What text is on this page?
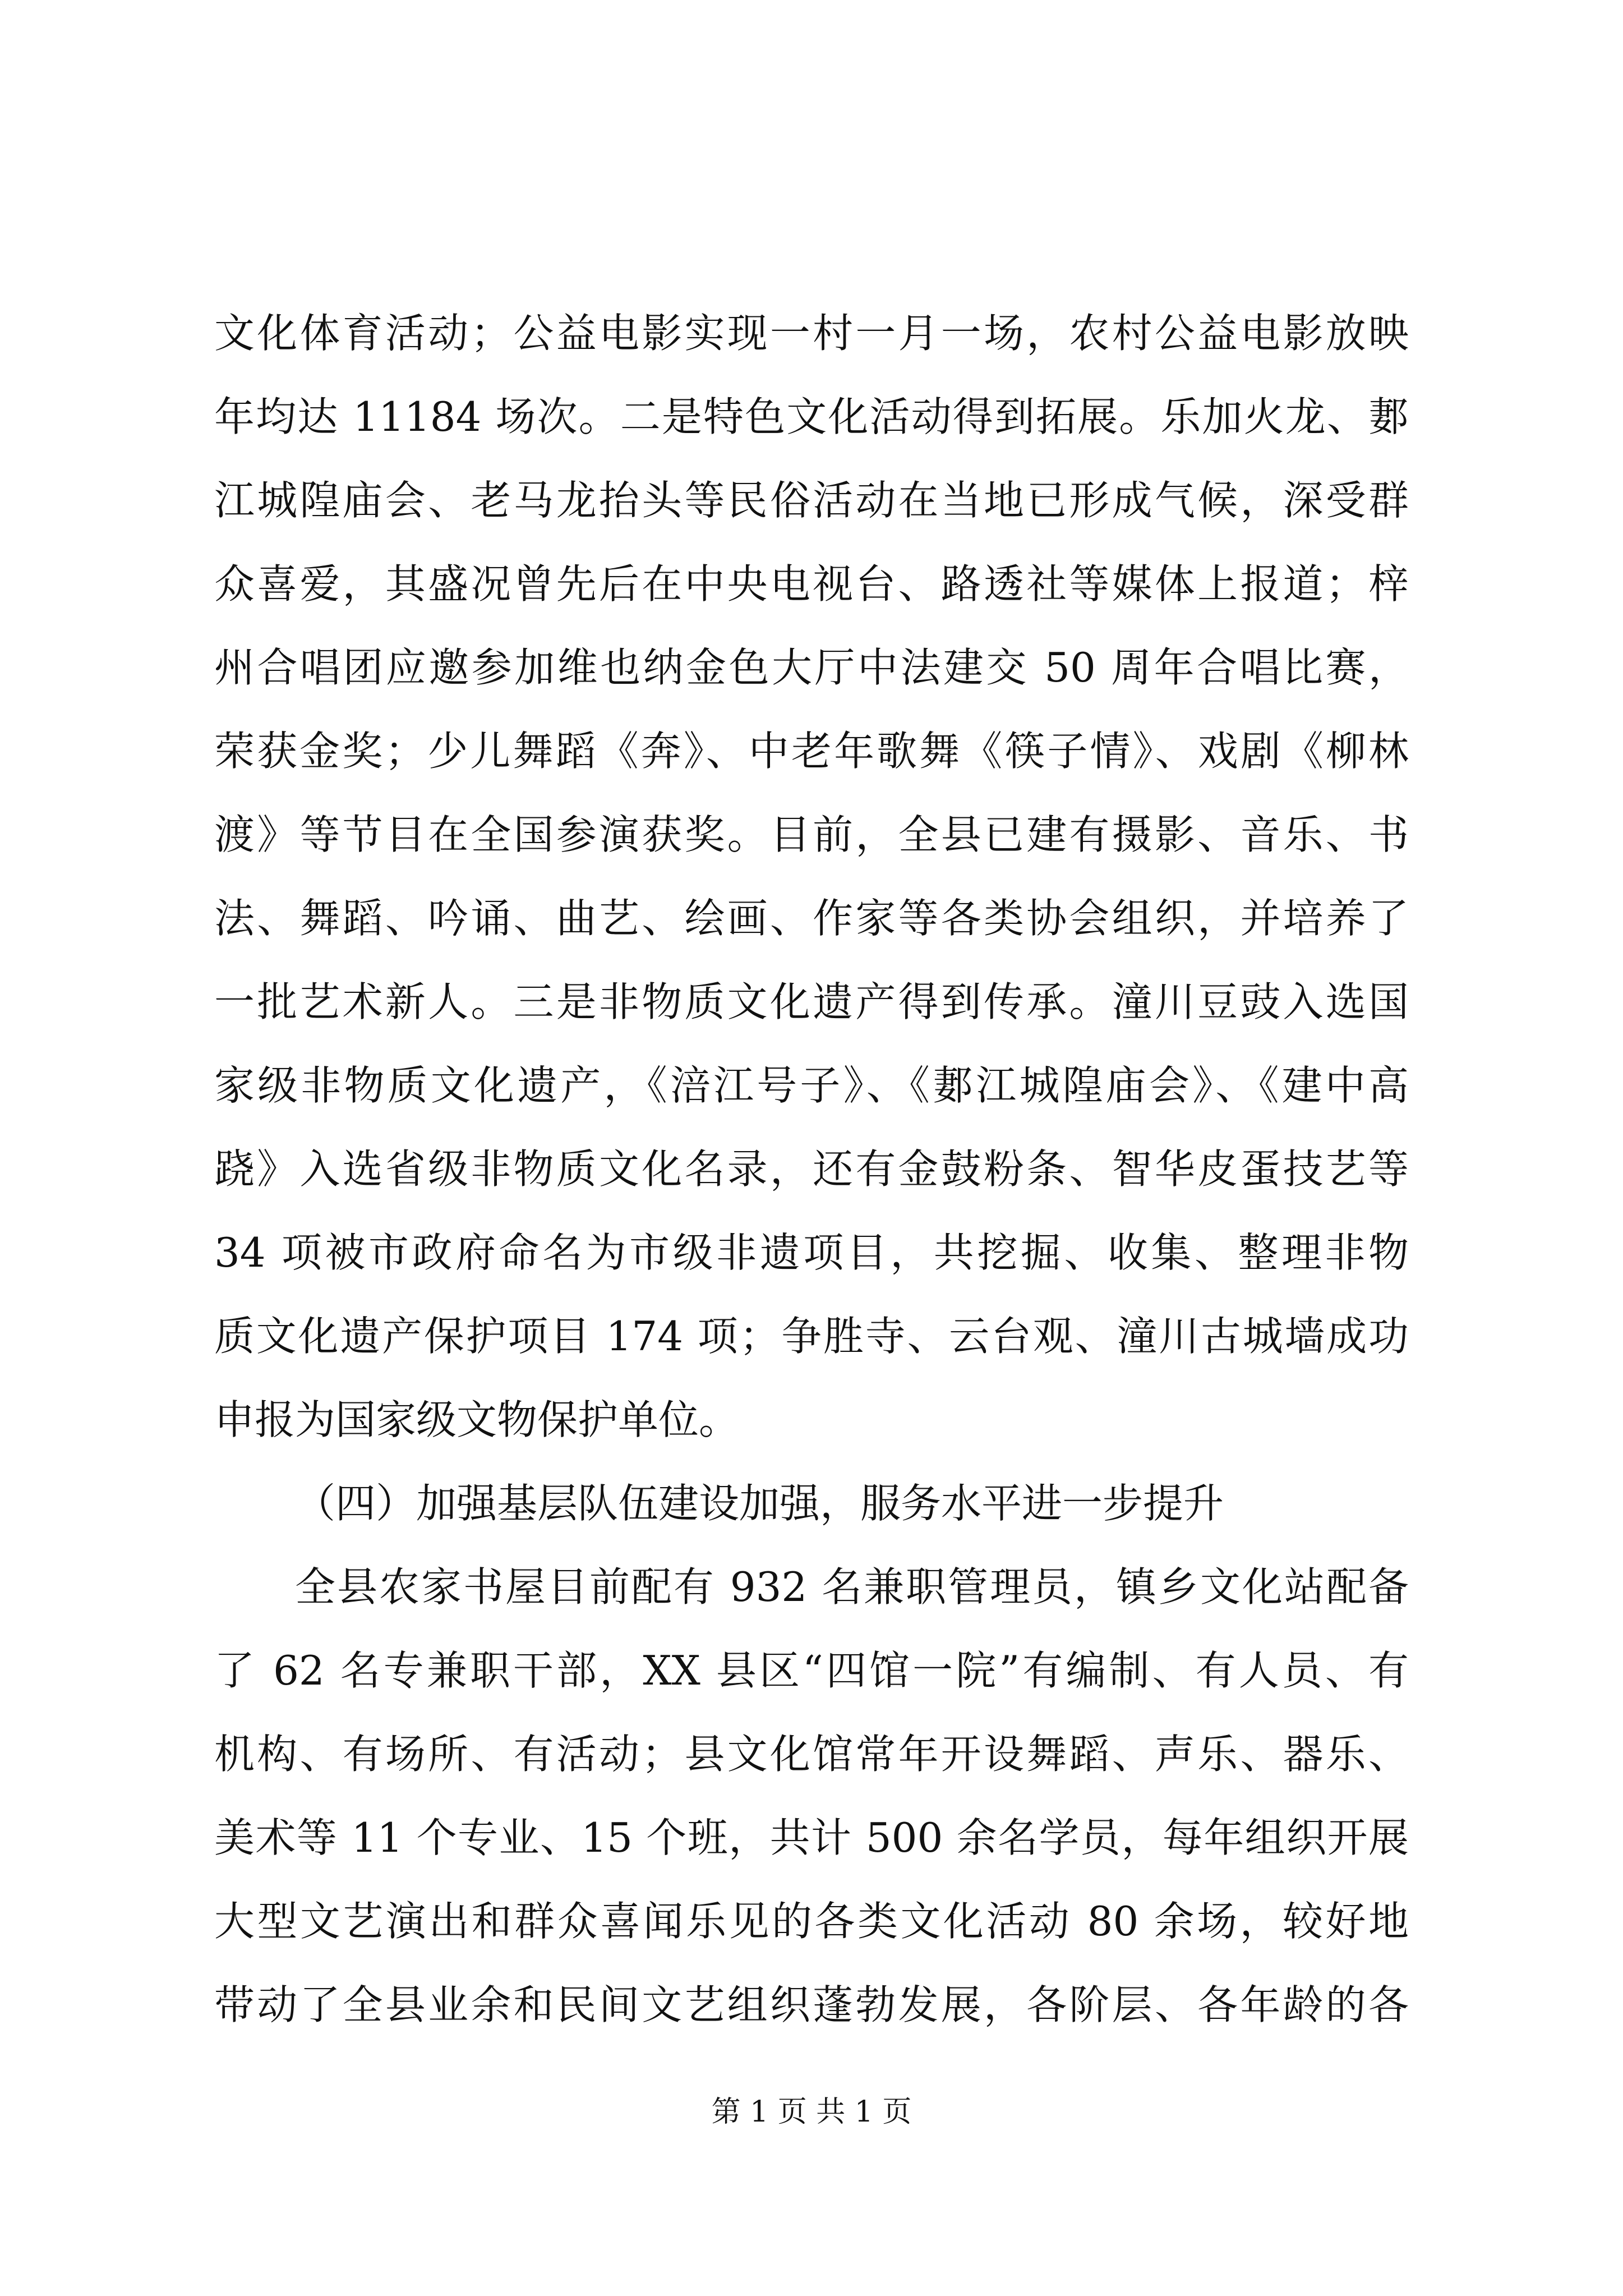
文化体育活动；公益电影实现一村一月一场，农村公益电影放映
年均达 11184 场次。二是特色文化活动得到拓展。乐加火龙、郪
江城隍庙会、老马龙抬头等民俗活动在当地已形成气候，深受群
众喜爱，其盛况曾先后在中央电视台、路透社等媒体上报道；梓
州合唱团应邀参加维也纳金色大厅中法建交 50 周年合唱比赛，
荣获金奖；少儿舞蹈《奔》、中老年歌舞《筷子情》、戏剧《柳林
渡》等节目在全国参演获奖。目前，全县已建有摄影、音乐、书
法、舞蹈、吟诵、曲艺、绘画、作家等各类协会组织，并培养了
一批艺术新人。三是非物质文化遗产得到传承。潼川豆豉入选国
家级非物质文化遗产，《涪江号子》、《郪江城隍庙会》、《建中高
跷》入选省级非物质文化名录，还有金鼓粉条、智华皮蛋技艺等
34 项被市政府命名为市级非遗项目，共挖掘、收集、整理非物
质文化遗产保护项目 174 项；争胜寺、云台观、潼川古城墙成功
申报为国家级文物保护单位。
（四）加强基层队伍建设加强，服务水平进一步提升
全县农家书屋目前配有 932 名兼职管理员，镇乡文化站配备
了 62 名专兼职干部，XX 县区“四馆一院”有编制、有人员、有
机构、有场所、有活动；县文化馆常年开设舞蹈、声乐、器乐、
美术等 11 个专业、15 个班，共计 500 余名学员，每年组织开展
大型文艺演出和群众喜闻乐见的各类文化活动 80 余场，较好地
带动了全县业余和民间文艺组织蓬勃发展，各阶层、各年龄的各
第 1 页 共 1 页
